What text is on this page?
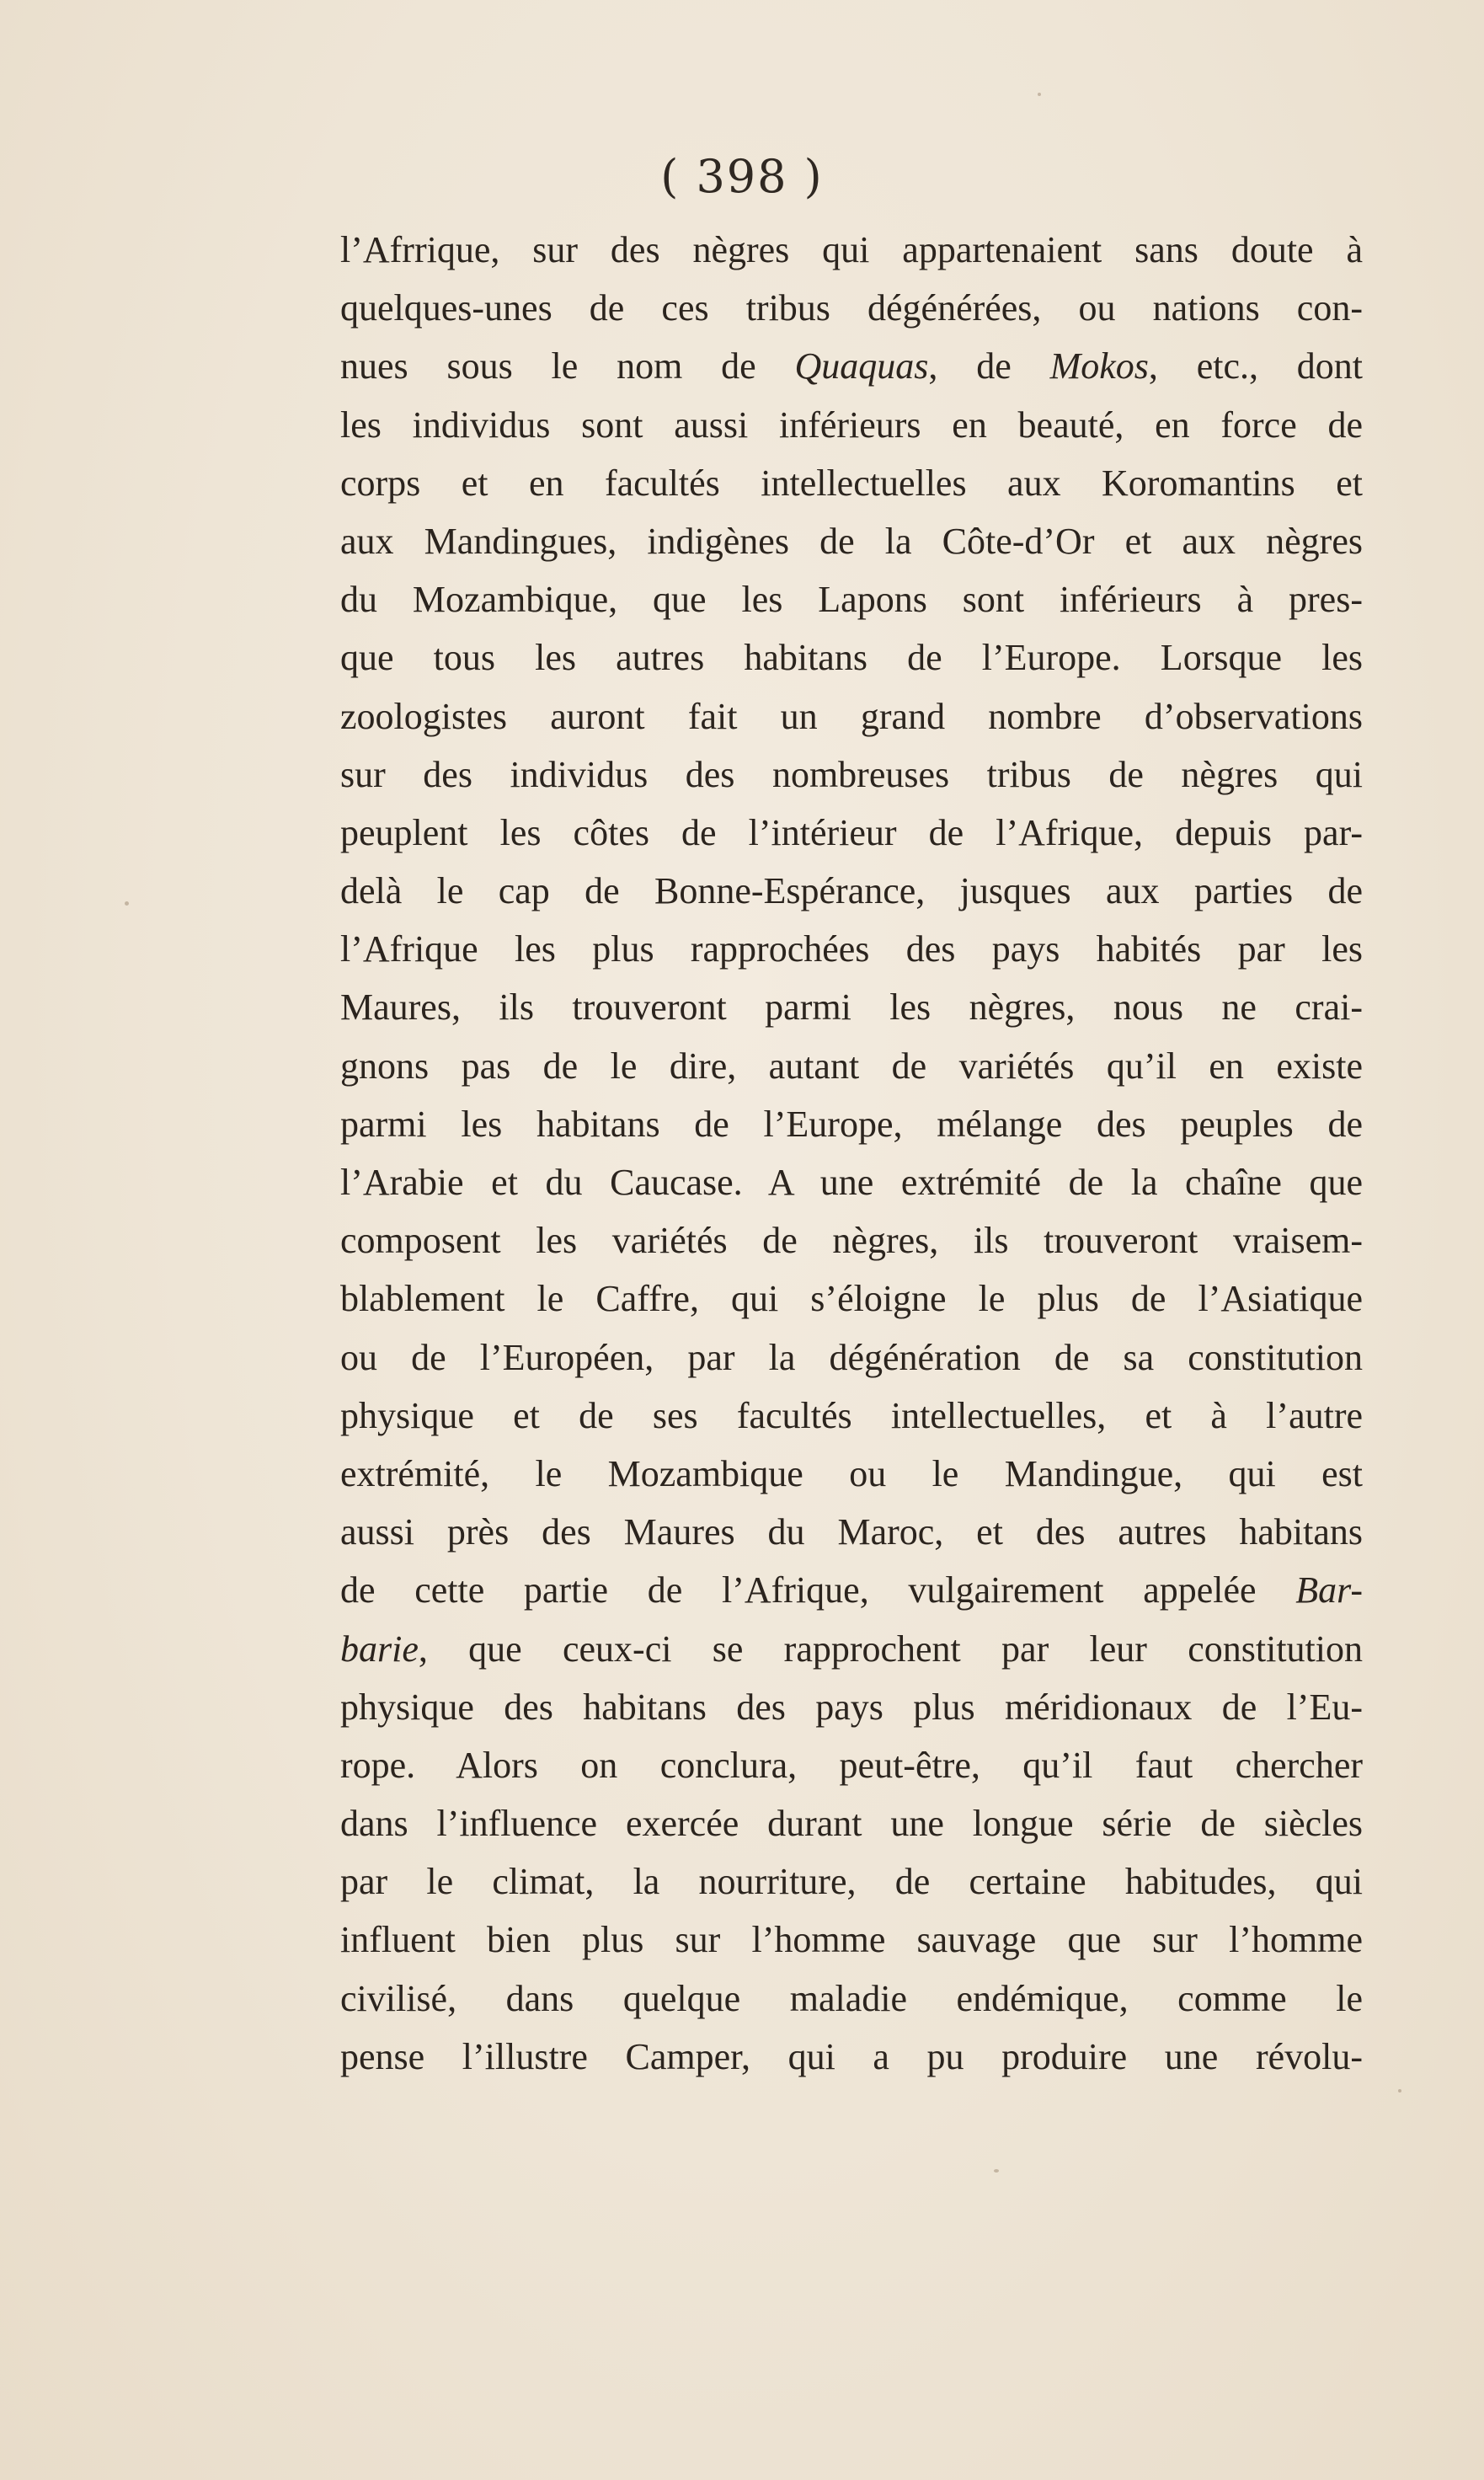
( 398 )
l’Afrrique, sur des nègres qui appartenaient sans doute à
quelques-unes de ces tribus dégénérées, ou nations con-
nues sous le nom de Quaquas, de Mokos, etc., dont
les individus sont aussi inférieurs en beauté, en force de
corps et en facultés intellectuelles aux Koromantins et
aux Mandingues, indigènes de la Côte-d’Or et aux nègres
du Mozambique, que les Lapons sont inférieurs à pres-
que tous les autres habitans de l’Europe. Lorsque les
zoologistes auront fait un grand nombre d’observations
sur des individus des nombreuses tribus de nègres qui
peuplent les côtes de l’intérieur de l’Afrique, depuis par-
delà le cap de Bonne-Espérance, jusques aux parties de
l’Afrique les plus rapprochées des pays habités par les
Maures, ils trouveront parmi les nègres, nous ne crai-
gnons pas de le dire, autant de variétés qu’il en existe
parmi les habitans de l’Europe, mélange des peuples de
l’Arabie et du Caucase. A une extrémité de la chaîne que
composent les variétés de nègres, ils trouveront vraisem-
blablement le Caffre, qui s’éloigne le plus de l’Asiatique
ou de l’Européen, par la dégénération de sa constitution
physique et de ses facultés intellectuelles, et à l’autre
extrémité, le Mozambique ou le Mandingue, qui est
aussi près des Maures du Maroc, et des autres habitans
de cette partie de l’Afrique, vulgairement appelée Bar-
barie, que ceux-ci se rapprochent par leur constitution
physique des habitans des pays plus méridionaux de l’Eu-
rope. Alors on conclura, peut-être, qu’il faut chercher
dans l’influence exercée durant une longue série de siècles
par le climat, la nourriture, de certaine habitudes, qui
influent bien plus sur l’homme sauvage que sur l’homme
civilisé, dans quelque maladie endémique, comme le
pense l’illustre Camper, qui a pu produire une révolu-
